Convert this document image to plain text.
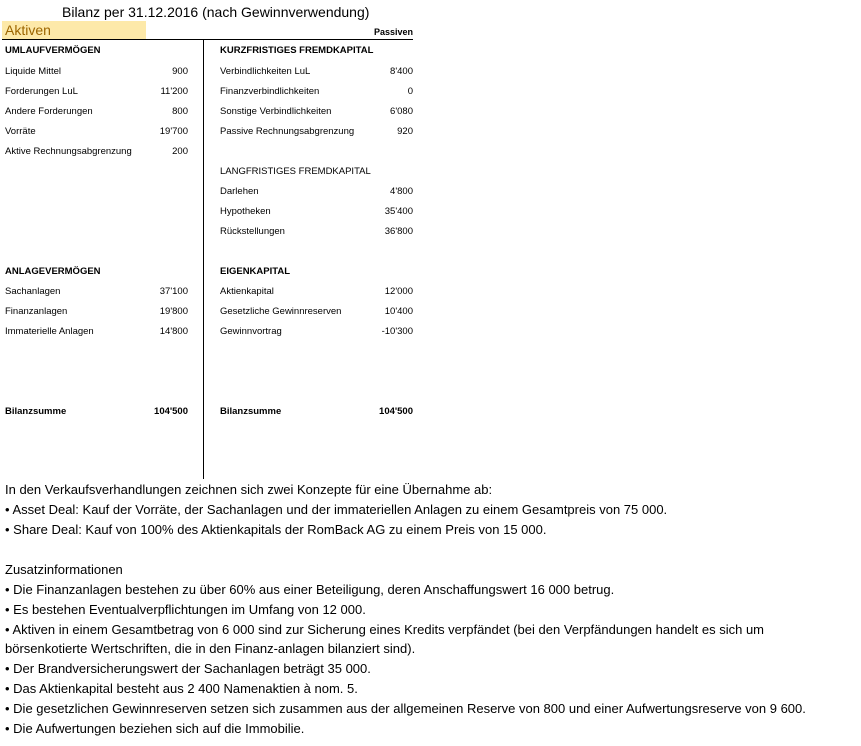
Bilanz per 31.12.2016 (nach Gewinnverwendung)
Aktiven	Passiven
UMLAUFVERMÖGEN
Liquide Mittel	900
Forderungen LuL	11'200
Andere Forderungen	800
Vorräte	19'700
Aktive Rechnungsabgrenzung	200
ANLAGEVERMÖGEN
Sachanlagen	37'100
Finanzanlagen	19'800
Immaterielle Anlagen	14'800
Bilanzsumme	104'500
KURZFRISTIGES FREMDKAPITAL
Verbindlichkeiten LuL	8'400
Finanzverbindlichkeiten	0
Sonstige Verbindlichkeiten	6'080
Passive Rechnungsabgrenzung	920
LANGFRISTIGES FREMDKAPITAL
Darlehen	4'800
Hypotheken	35'400
Rückstellungen	36'800
EIGENKAPITAL
Aktienkapital	12'000
Gesetzliche Gewinnreserven	10'400
Gewinnvortrag	-10'300
Bilanzsumme	104'500
In den Verkaufsverhandlungen zeichnen sich zwei Konzepte für eine Übernahme ab:
• Asset Deal: Kauf der Vorräte, der Sachanlagen und der immateriellen Anlagen zu einem Gesamtpreis von 75 000.
• Share Deal: Kauf von 100% des Aktienkapitals der RomBack AG zu einem Preis von 15 000.
Zusatzinformationen
• Die Finanzanlagen bestehen zu über 60% aus einer Beteiligung, deren Anschaffungswert 16 000 betrug.
• Es bestehen Eventualverpflichtungen im Umfang von 12 000.
• Aktiven in einem Gesamtbetrag von 6 000 sind zur Sicherung eines Kredits verpfändet (bei den Verpfändungen handelt es sich um
börsenkotierte Wertschriften, die in den Finanz-anlagen bilanziert sind).
• Der Brandversicherungswert der Sachanlagen beträgt 35 000.
• Das Aktienkapital besteht aus 2 400 Namenaktien à nom. 5.
• Die gesetzlichen Gewinnreserven setzen sich zusammen aus der allgemeinen Reserve von 800 und einer Aufwertungsreserve von 9 600.
• Die Aufwertungen beziehen sich auf die Immobilie.
